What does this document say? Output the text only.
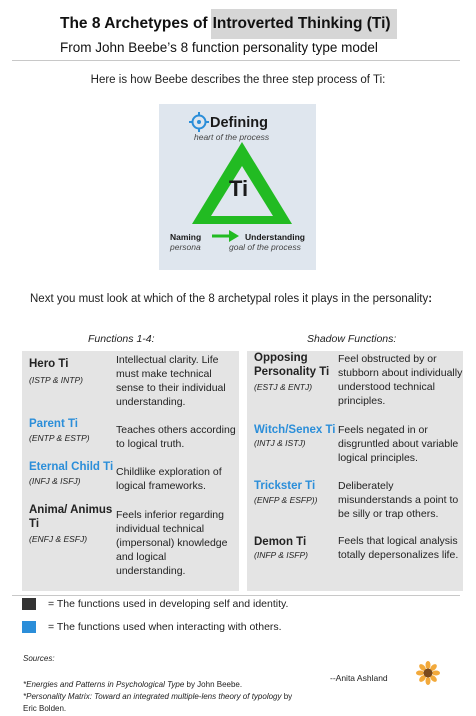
The 8 Archetypes of Introverted Thinking (Ti)
From John Beebe’s 8 function personality type model
Here is how Beebe describes the three step process of Ti:
Defining
heart of the process
Ti
Naming
persona
Understanding
goal of the process
Next you must look at which of the 8 archetypal roles it plays in the personality:
Functions 1-4:	Shadow Functions:
Hero Ti
(ISTP & INTP)
Intellectual clarity. Life must make technical sense to their individual understanding.
Parent Ti
(ENTP & ESTP)
Teaches others according to logical truth.
Eternal Child Ti
(INFJ & ISFJ)
Childlike exploration of logical frameworks.
Anima/ Animus Ti
(ENFJ & ESFJ)
Feels inferior regarding individual technical (impersonal) knowledge and logical understanding.
Opposing Personality Ti
(ESTJ & ENTJ)
Feel obstructed by or stubborn about individually understood technical principles.
Witch/Senex Ti
(INTJ & ISTJ)
Feels negated in or disgruntled about variable logical principles.
Trickster Ti
(ENFP & ESFP))
Deliberately misunderstands a point to be silly or trap others.
Demon Ti
(INFP & ISFP)
Feels that logical analysis totally depersonalizes life.
= The functions used in developing self and identity.
= The functions used when interacting with others.
Sources:
*Energies and Patterns in Psychological Type by John Beebe.
*Personality Matrix: Toward an integrated multiple-lens theory of typology by Eric Bolden.
--Anita Ashland
